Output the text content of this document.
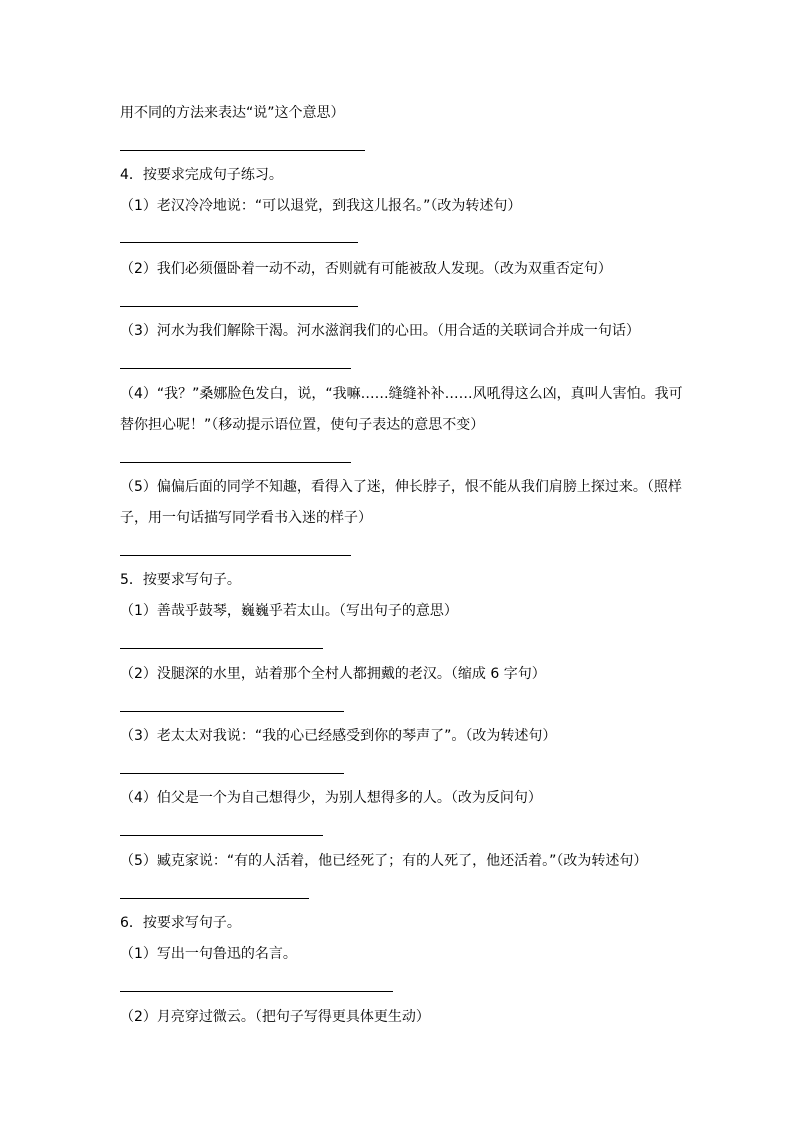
用不同的方法来表达“说”这个意思）
4．按要求完成句子练习。
（1）老汉冷冷地说：“可以退党，到我这儿报名。”（改为转述句）
（2）我们必须僵卧着一动不动，否则就有可能被敌人发现。（改为双重否定句）
（3）河水为我们解除干渴。河水滋润我们的心田。（用合适的关联词合并成一句话）
（4）“我？”桑娜脸色发白，说，“我嘛……缝缝补补……风吼得这么凶，真叫人害怕。我可
替你担心呢！”（移动提示语位置，使句子表达的意思不变）
（5）偏偏后面的同学不知趣，看得入了迷，伸长脖子，恨不能从我们肩膀上探过来。（照样
子，用一句话描写同学看书入迷的样子）
5．按要求写句子。
（1）善哉乎鼓琴，巍巍乎若太山。（写出句子的意思）
（2）没腿深的水里，站着那个全村人都拥戴的老汉。（缩成 6 字句）
（3）老太太对我说：“我的心已经感受到你的琴声了”。（改为转述句）
（4）伯父是一个为自己想得少，为别人想得多的人。（改为反问句）
（5）臧克家说：“有的人活着，他已经死了；有的人死了，他还活着。”（改为转述句）
6．按要求写句子。
（1）写出一句鲁迅的名言。
（2）月亮穿过微云。（把句子写得更具体更生动）
